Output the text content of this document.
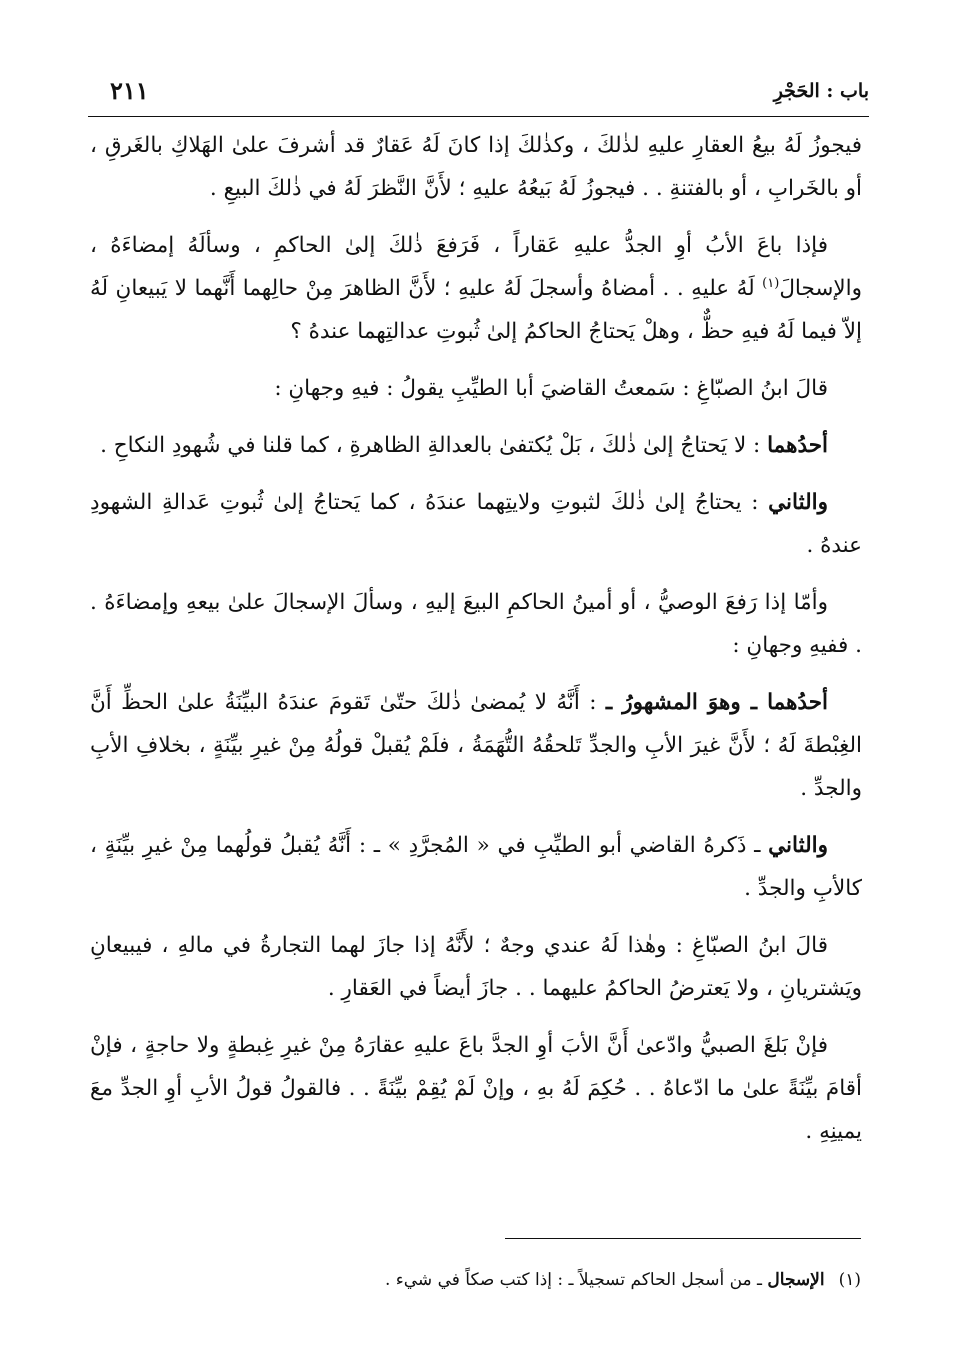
باب : الحَجْرِ
٢١١

فيجوزُ لَهُ بيعُ العقارِ عليهِ لذٰلكَ ، وكذٰلكَ إذا كانَ لَهُ عَقارٌ قد أشرفَ علىٰ الهَلاكِ بالغَرقِ ، أو بالخَرابِ ، أو بالفتنةِ . . فيجوزُ لَهُ بَيعُهُ عليهِ ؛ لأَنَّ النَّظرَ لَهُ في ذٰلكَ البيعِ .

فإذا باعَ الأبُ أوِ الجدُّ عليهِ عَقاراً ، فَرَفعَ ذٰلكَ إلىٰ الحاكمِ ، وسألَهُ إمضاءَهُ ، والإسجالَ$^{(١)}$ لَهُ عليهِ . . أمضاهُ وأسجلَ لَهُ عليهِ ؛ لأَنَّ الظاهرَ مِنْ حالِهما أَنَّهما لا يَبيعانِ لَهُ إلاّ فيما لَهُ فيهِ حظٌّ ، وهلْ يَحتاجُ الحاكمُ إلىٰ ثُبوتِ عدالتِهما عندهُ ؟

قالَ ابنُ الصبّاغِ : سَمعتُ القاضيَ أبا الطيِّبِ يقولُ : فيهِ وجهانِ :

أحدُهما : لا يَحتاجُ إلىٰ ذٰلكَ ، بَلْ يُكتفىٰ بالعدالةِ الظاهرةِ ، كما قلنا في شُهودِ النكاحِ .

والثاني : يحتاجُ إلىٰ ذٰلكَ لثبوتِ ولايتِهما عندَهُ ، كما يَحتاجُ إلىٰ ثُبوتِ عَدالةِ الشهودِ عندهُ .

وأمّا إذا رَفعَ الوصيُّ ، أو أمينُ الحاكمِ البيعَ إليهِ ، وسألَ الإسجالَ علىٰ بيعهِ وإمضاءَهُ . . ففيهِ وجهانِ :

أحدُهما ـ وهوَ المشهورُ ـ : أَنَّهُ لا يُمضىٰ ذٰلكَ حتّىٰ تَقومَ عندَهُ البيِّنَةُ علىٰ الحظِّ أَنَّ الغِبْطةَ لَهُ ؛ لأَنَّ غيرَ الأبِ والجدِّ تَلحقُهُ التُّهَمَةُ ، فلَمْ يُقبلْ قولُهُ مِنْ غيرِ بيِّنَةٍ ، بخلافِ الأبِ والجدِّ .

والثاني ـ ذَكرهُ القاضي أبو الطيِّبِ في « المُجرَّدِ » ـ : أَنَّهُ يُقبلُ قولُهما مِنْ غيرِ بيِّنَةٍ ، كالأبِ والجدِّ .

قالَ ابنُ الصبّاغِ : وهٰذا لَهُ عندي وجهٌ ؛ لأَنَّهُ إذا جازَ لهما التجارةُ في مالهِ ، فيبيعانِ ويَشتريانِ ، ولا يَعترضُ الحاكمُ عليهما . . جازَ أيضاً في العَقارِ .

فإنْ بَلغَ الصبيُّ وادّعىٰ أَنَّ الأبَ أوِ الجدَّ باعَ عليهِ عقارَهُ مِنْ غيرِ غِبطةٍ ولا حاجةٍ ، فإنْ أقامَ بيِّنَةً علىٰ ما ادّعاهُ . . حُكِمَ لَهُ بهِ ، وإنْ لَمْ يُقِمْ بيِّنَةً . . فالقولُ قولُ الأبِ أوِ الجدِّ معَ يمينِهِ .

(١)الإسجال ـ من أسجل الحاكم تسجيلاً ـ : إذا كتب صكاً في شيء .
